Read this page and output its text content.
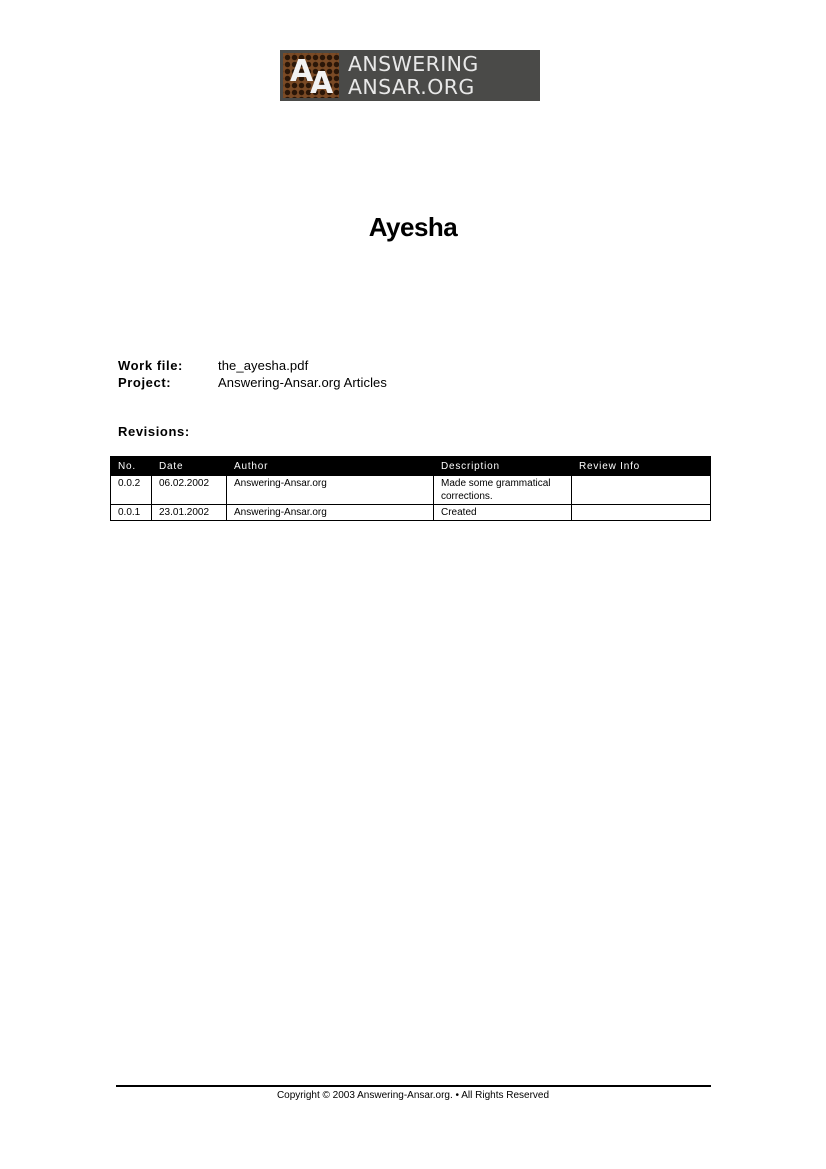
A
A
ANSWERING
ANSAR.ORG
Ayesha
Work file:	the_ayesha.pdf
Project:	Answering-Ansar.org Articles
Revisions:
No.	Date	Author	Description	Review Info
0.0.2	06.02.2002	Answering-Ansar.org	Made some grammatical corrections.	
0.0.1	23.01.2002	Answering-Ansar.org	Created	
Copyright © 2003 Answering-Ansar.org. • All Rights Reserved
